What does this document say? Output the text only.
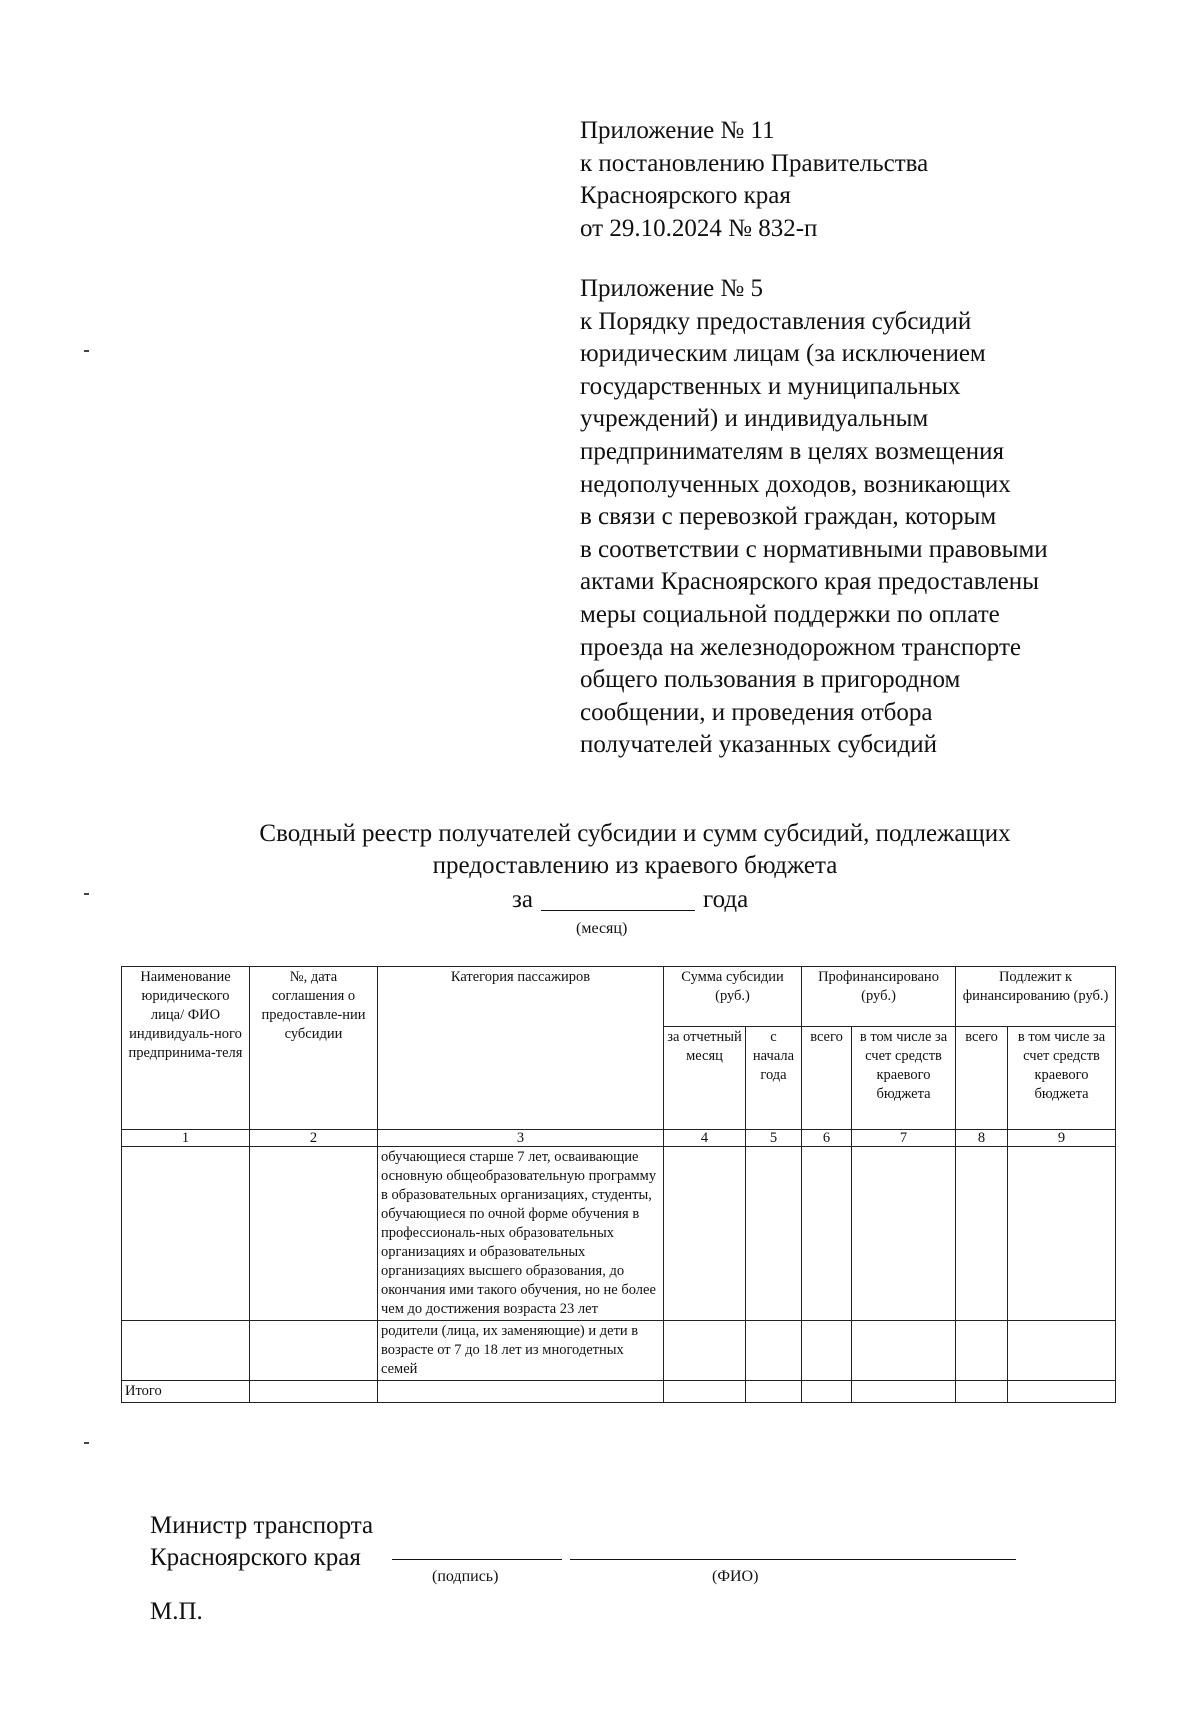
Приложение № 11
к постановлению Правительства
Красноярского края
от 29.10.2024 № 832-п
Приложение № 5
к Порядку предоставления субсидий
юридическим лицам (за исключением
государственных и муниципальных
учреждений) и индивидуальным
предпринимателям в целях возмещения
недополученных доходов, возникающих
в связи с перевозкой граждан, которым
в соответствии с нормативными правовыми
актами Красноярского края предоставлены
меры социальной поддержки по оплате
проезда на железнодорожном транспорте
общего пользования в пригородном
сообщении, и проведения отбора
получателей указанных субсидий
Сводный реестр получателей субсидии и сумм субсидий, подлежащих
предоставлению из краевого бюджета
за	года
(месяц)
Наименование юридического лица/ ФИО индивидуаль-ного предпринима-теля	№, дата соглашения о предоставле-нии субсидии	Категория пассажиров	Сумма субсидии (руб.)		Профинансировано (руб.)		Подлежит к финансированию (руб.)	
			за отчетный месяц	с начала года	всего	в том числе за счет средств краевого бюджета	всего	в том числе за счет средств краевого бюджета
1	2	3	4	5	6	7	8	9
		обучающиеся старше 7 лет, осваивающие основную общеобразовательную программу в образовательных организациях, студенты, обучающиеся по очной форме обучения в профессиональ-ных образовательных организациях и образовательных организациях высшего образования, до окончания ими такого обучения, но не более чем до достижения возраста 23 лет						
		родители (лица, их заменяющие) и дети в возрасте от 7 до 18 лет из многодетных семей						
Итого								
Министр транспорта
Красноярского края
(подпись)	(ФИО)
М.П.
